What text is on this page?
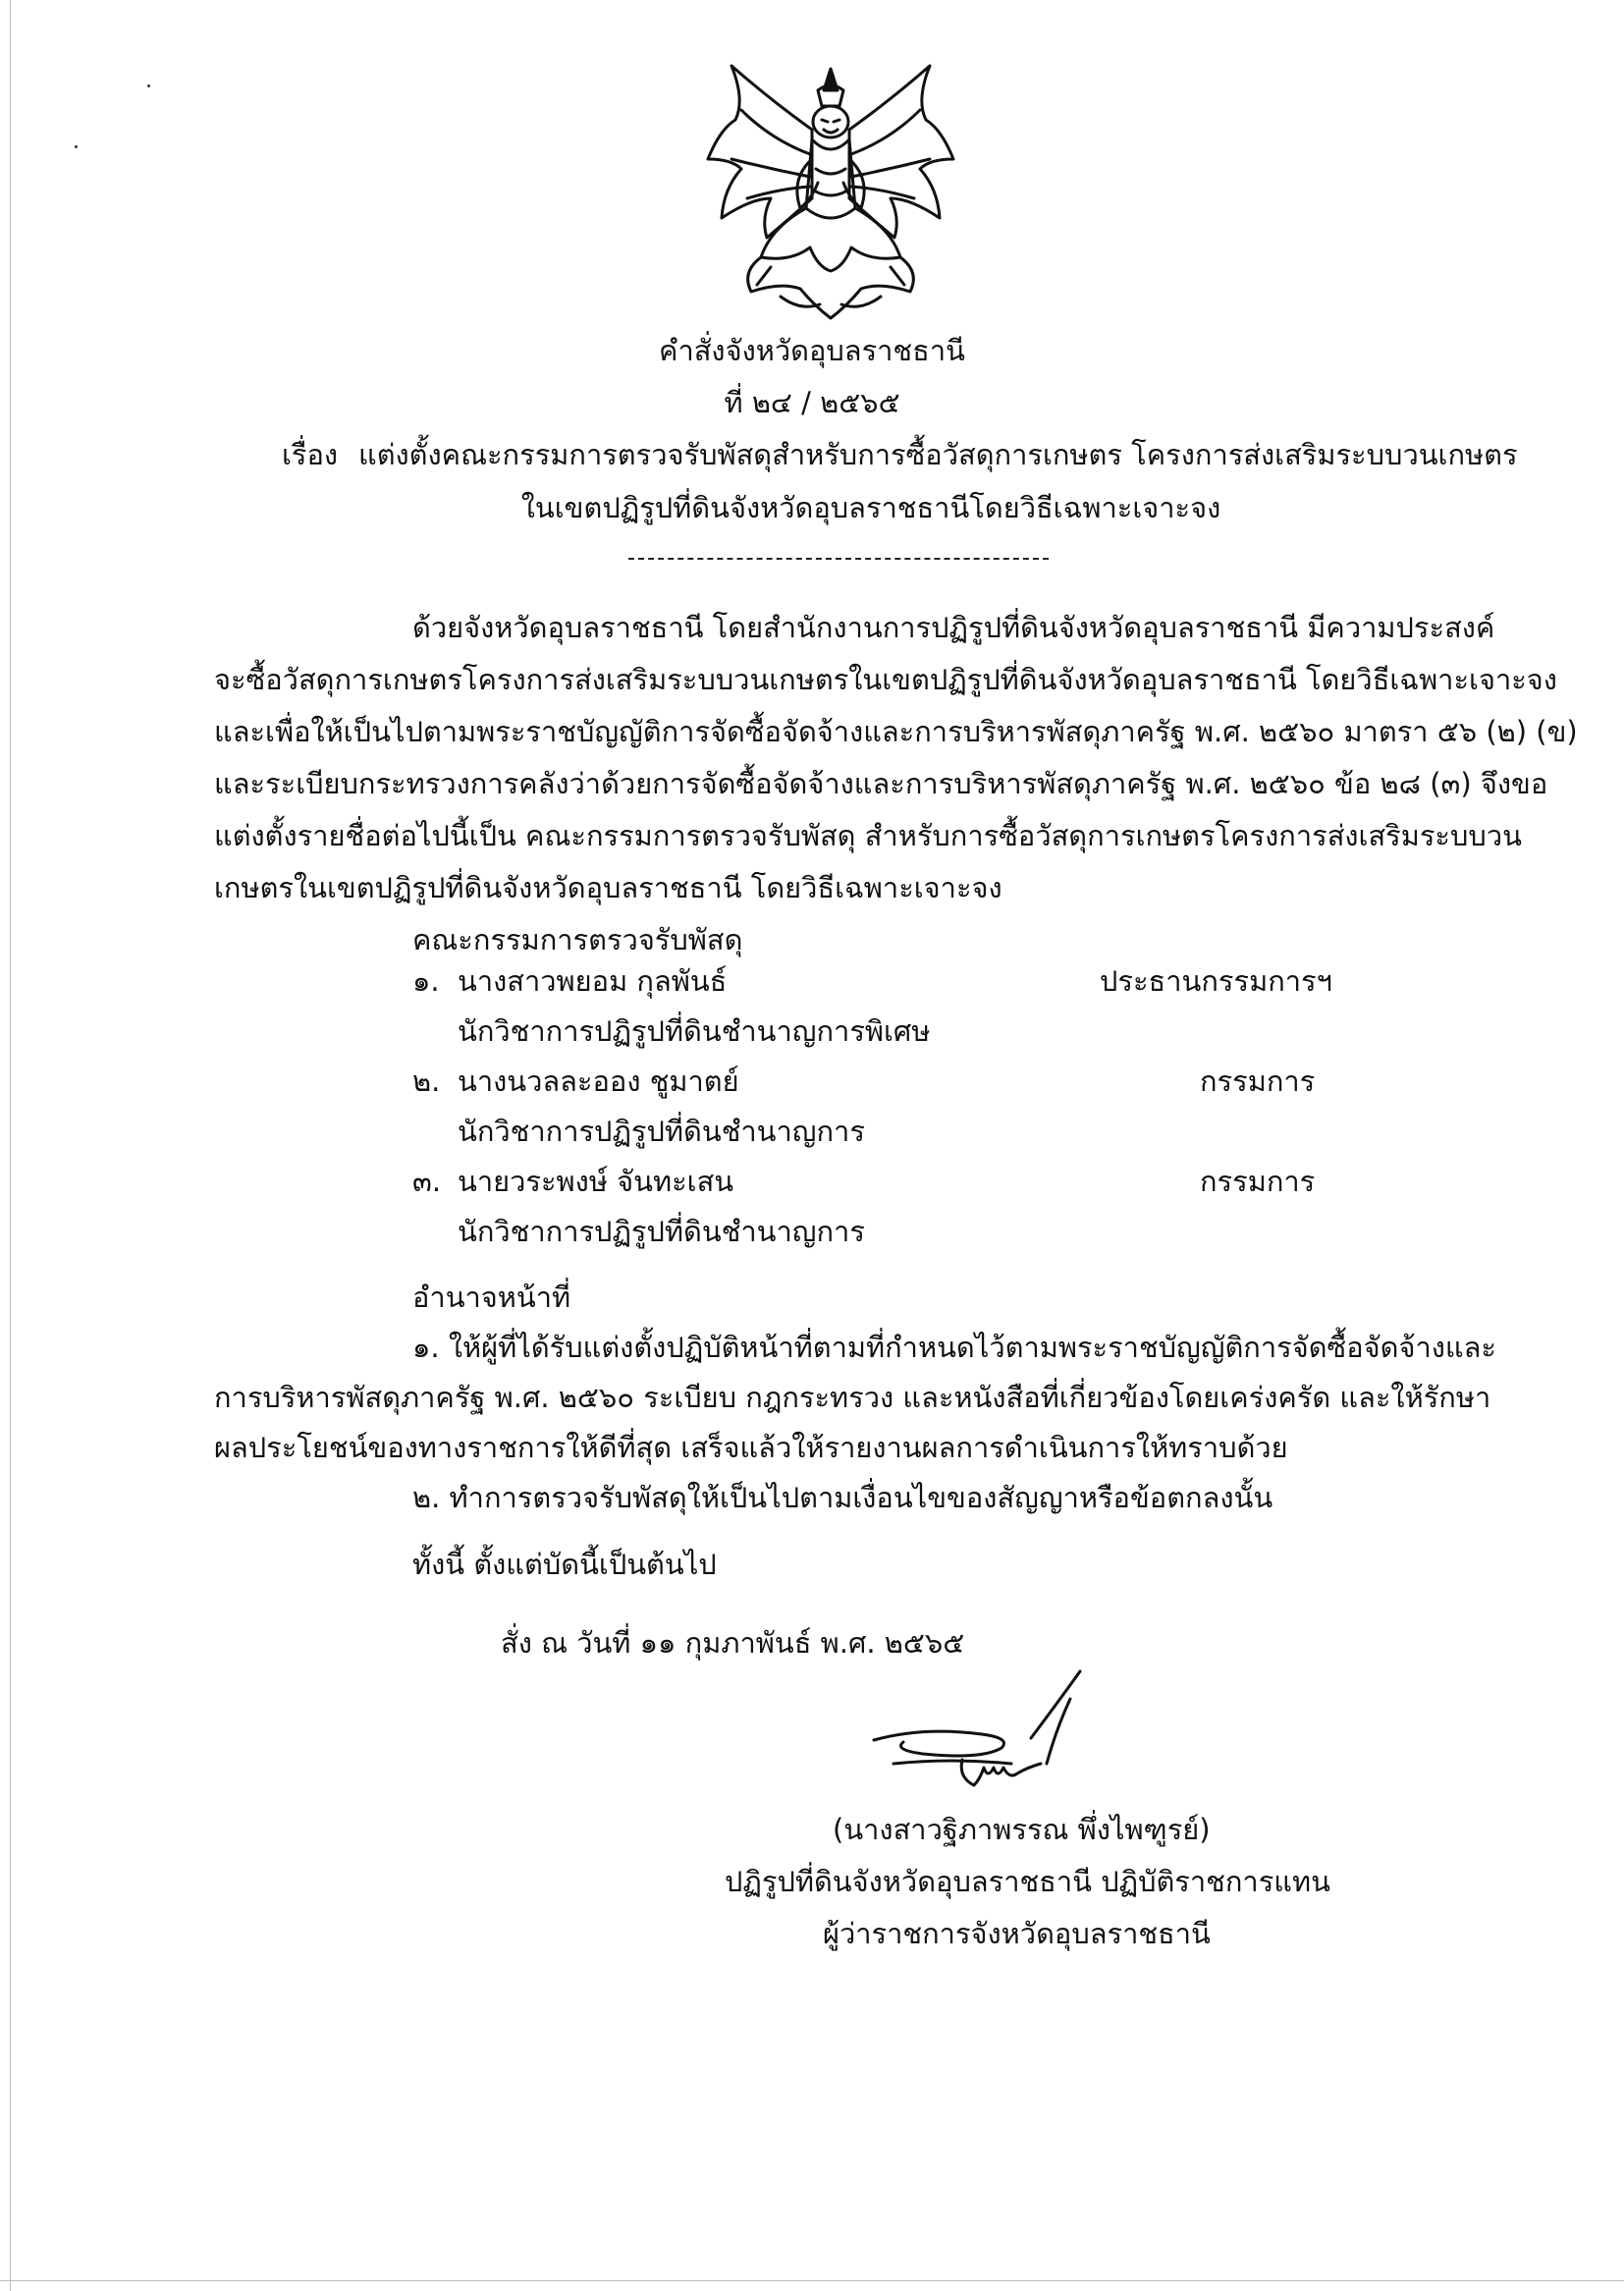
คำสั่งจังหวัดอุบลราชธานี
ที่ ๒๔ / ๒๕๖๕
เรื่อง แต่งตั้งคณะกรรมการตรวจรับพัสดุสำหรับการซื้อวัสดุการเกษตร โครงการส่งเสริมระบบวนเกษตร
ในเขตปฏิรูปที่ดินจังหวัดอุบลราชธานีโดยวิธีเฉพาะเจาะจง
ด้วยจังหวัดอุบลราชธานี โดยสำนักงานการปฏิรูปที่ดินจังหวัดอุบลราชธานี มีความประสงค์
จะซื้อวัสดุการเกษตรโครงการส่งเสริมระบบวนเกษตรในเขตปฏิรูปที่ดินจังหวัดอุบลราชธานี โดยวิธีเฉพาะเจาะจง
และเพื่อให้เป็นไปตามพระราชบัญญัติการจัดซื้อจัดจ้างและการบริหารพัสดุภาครัฐ พ.ศ. ๒๕๖๐ มาตรา ๕๖ (๒) (ข)
และระเบียบกระทรวงการคลังว่าด้วยการจัดซื้อจัดจ้างและการบริหารพัสดุภาครัฐ พ.ศ. ๒๕๖๐ ข้อ ๒๘ (๓) จึงขอ
แต่งตั้งรายชื่อต่อไปนี้เป็น คณะกรรมการตรวจรับพัสดุ สำหรับการซื้อวัสดุการเกษตรโครงการส่งเสริมระบบวน
เกษตรในเขตปฏิรูปที่ดินจังหวัดอุบลราชธานี โดยวิธีเฉพาะเจาะจง
คณะกรรมการตรวจรับพัสดุ
๑. นางสาวพยอม กุลพันธ์	ประธานกรรมการฯ
นักวิชาการปฏิรูปที่ดินชำนาญการพิเศษ
๒. นางนวลละออง ชูมาตย์	กรรมการ
นักวิชาการปฏิรูปที่ดินชำนาญการ
๓. นายวระพงษ์ จันทะเสน	กรรมการ
นักวิชาการปฏิรูปที่ดินชำนาญการ
อำนาจหน้าที่
๑. ให้ผู้ที่ได้รับแต่งตั้งปฏิบัติหน้าที่ตามที่กำหนดไว้ตามพระราชบัญญัติการจัดซื้อจัดจ้างและ
การบริหารพัสดุภาครัฐ พ.ศ. ๒๕๖๐ ระเบียบ กฎกระทรวง และหนังสือที่เกี่ยวข้องโดยเคร่งครัด และให้รักษา
ผลประโยชน์ของทางราชการให้ดีที่สุด เสร็จแล้วให้รายงานผลการดำเนินการให้ทราบด้วย
๒. ทำการตรวจรับพัสดุให้เป็นไปตามเงื่อนไขของสัญญาหรือข้อตกลงนั้น
ทั้งนี้ ตั้งแต่บัดนี้เป็นต้นไป
สั่ง ณ วันที่ ๑๑ กุมภาพันธ์ พ.ศ. ๒๕๖๕
(นางสาวฐิภาพรรณ พึ่งไพฑูรย์)
ปฏิรูปที่ดินจังหวัดอุบลราชธานี ปฏิบัติราชการแทน
ผู้ว่าราชการจังหวัดอุบลราชธานี
